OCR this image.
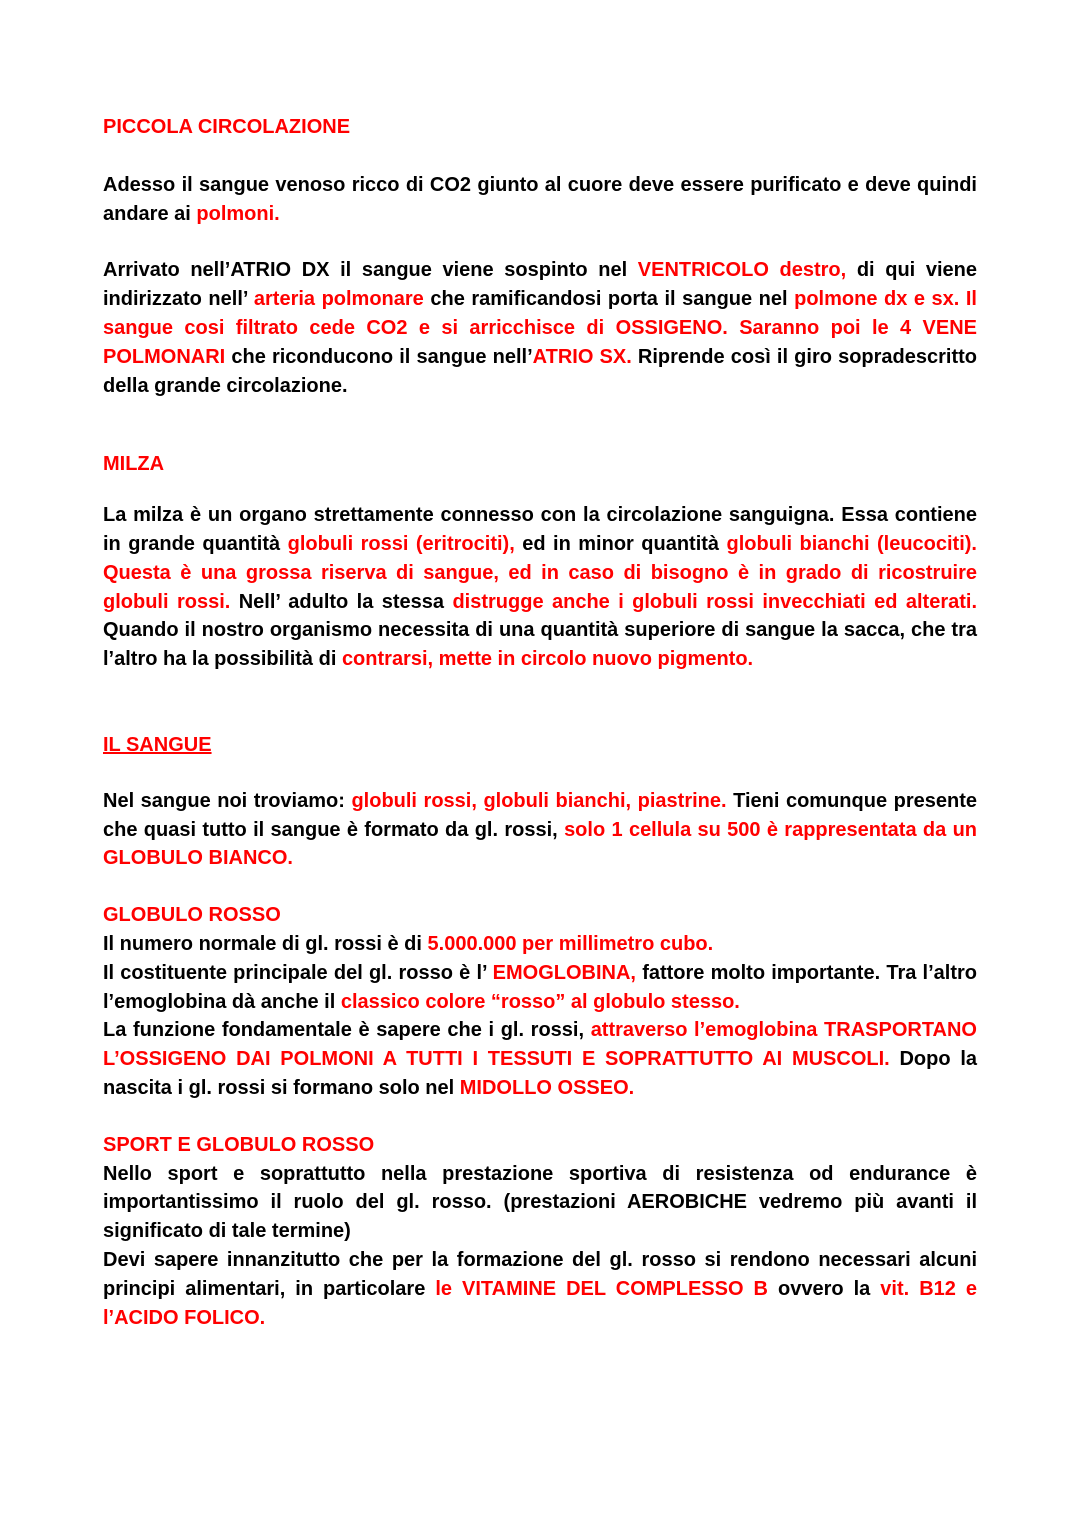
PICCOLA CIRCOLAZIONE

Adesso il sangue venoso ricco di CO2 giunto al cuore deve essere purificato e deve quindi andare ai polmoni.

Arrivato nell’ATRIO DX il sangue viene sospinto nel VENTRICOLO destro, di qui viene indirizzato nell’ arteria polmonare che ramificandosi porta il sangue nel polmone dx e sx. Il sangue cosi filtrato cede CO2 e si arricchisce di OSSIGENO. Saranno poi le 4 VENE POLMONARI che riconducono il sangue nell’ATRIO SX. Riprende così il giro sopradescritto della grande circolazione.

MILZA

La milza è un organo strettamente connesso con la circolazione sanguigna. Essa contiene in grande quantità globuli rossi (eritrociti), ed in minor quantità globuli bianchi (leucociti). Questa è una grossa riserva di sangue, ed in caso di bisogno è in grado di ricostruire globuli rossi. Nell’ adulto la stessa distrugge anche i globuli rossi invecchiati ed alterati. Quando il nostro organismo necessita di una quantità superiore di sangue la sacca, che tra l’altro ha la possibilità di contrarsi, mette in circolo nuovo pigmento.

IL SANGUE

Nel sangue noi troviamo: globuli rossi, globuli bianchi, piastrine. Tieni comunque presente che quasi tutto il sangue è formato da gl. rossi, solo 1 cellula su 500 è rappresentata da un GLOBULO BIANCO.

GLOBULO ROSSO

Il numero normale di gl. rossi è di 5.000.000 per millimetro cubo.

Il costituente principale del gl. rosso è l’ EMOGLOBINA, fattore molto importante. Tra l’altro l’emoglobina dà anche il classico colore “rosso” al globulo stesso.

La funzione fondamentale è sapere che i gl. rossi, attraverso l’emoglobina TRASPORTANO L’OSSIGENO DAI POLMONI A TUTTI I TESSUTI E SOPRATTUTTO AI MUSCOLI. Dopo la nascita i gl. rossi si formano solo nel MIDOLLO OSSEO.

SPORT E GLOBULO ROSSO

Nello sport e soprattutto nella prestazione sportiva di resistenza od endurance è importantissimo il ruolo del gl. rosso. (prestazioni AEROBICHE vedremo più avanti il significato di tale termine)

Devi sapere innanzitutto che per la formazione del gl. rosso si rendono necessari alcuni principi alimentari, in particolare le VITAMINE DEL COMPLESSO B ovvero la vit. B12 e l’ACIDO FOLICO.
